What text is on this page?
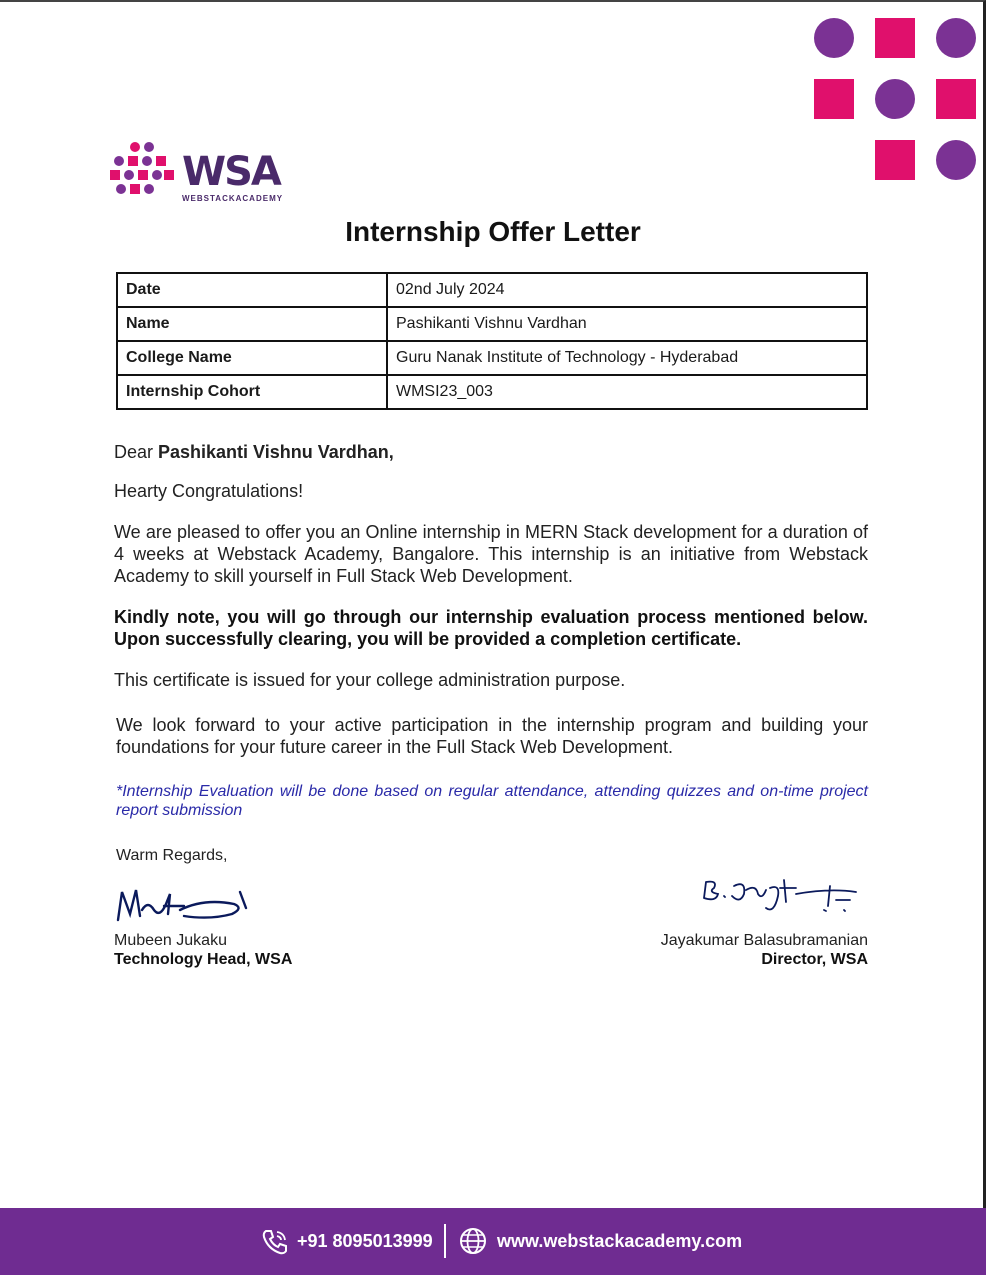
WSA
WEBSTACKACADEMY
Internship Offer Letter
Date	02nd July 2024
Name	Pashikanti Vishnu Vardhan
College Name	Guru Nanak Institute of Technology - Hyderabad
Internship Cohort	WMSI23_003
Dear Pashikanti Vishnu Vardhan,
Hearty Congratulations!
We are pleased to offer you an Online internship in MERN Stack development for a duration of 4 weeks at Webstack Academy, Bangalore. This internship is an initiative from Webstack Academy to skill yourself in Full Stack Web Development.
Kindly note, you will go through our internship evaluation process mentioned below. Upon successfully clearing, you will be provided a completion certificate.
This certificate is issued for your college administration purpose.
We look forward to your active participation in the internship program and building your foundations for your future career in the Full Stack Web Development.
*Internship Evaluation will be done based on regular attendance, attending quizzes and on-time project report submission
Warm Regards,
Mubeen Jukaku
Technology Head, WSA
Jayakumar Balasubramanian
Director, WSA
+91 8095013999	www.webstackacademy.com
